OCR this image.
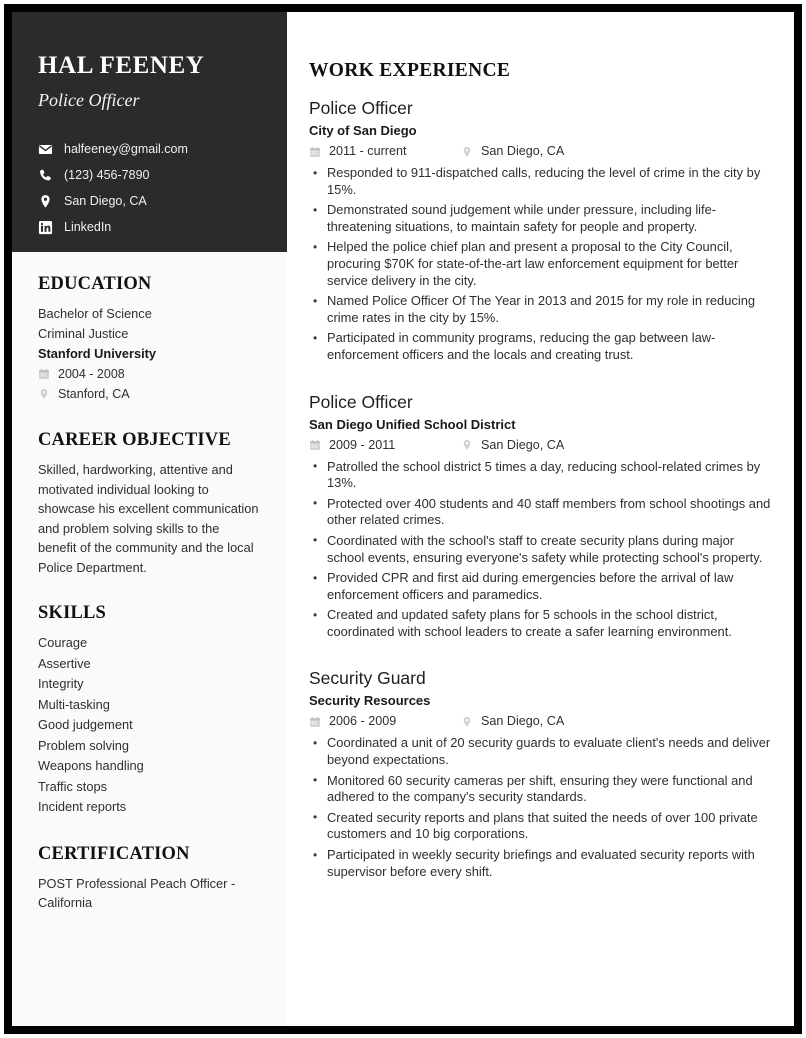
HAL FEENEY
Police Officer
halfeeney@gmail.com
(123) 456-7890
San Diego, CA
LinkedIn
EDUCATION
Bachelor of Science
Criminal Justice
Stanford University
2004 - 2008
Stanford, CA
CAREER OBJECTIVE
Skilled, hardworking, attentive and motivated individual looking to showcase his excellent communication and problem solving skills to the benefit of the community and the local Police Department.
SKILLS
Courage
Assertive
Integrity
Multi-tasking
Good judgement
Problem solving
Weapons handling
Traffic stops
Incident reports
CERTIFICATION
POST Professional Peach Officer - California
WORK EXPERIENCE
Police Officer
City of San Diego
2011 - current	San Diego, CA
• Responded to 911-dispatched calls, reducing the level of crime in the city by 15%.
• Demonstrated sound judgement while under pressure, including life-threatening situations, to maintain safety for people and property.
• Helped the police chief plan and present a proposal to the City Council, procuring $70K for state-of-the-art law enforcement equipment for better service delivery in the city.
• Named Police Officer Of The Year in 2013 and 2015 for my role in reducing crime rates in the city by 15%.
• Participated in community programs, reducing the gap between law-enforcement officers and the locals and creating trust.
Police Officer
San Diego Unified School District
2009 - 2011	San Diego, CA
• Patrolled the school district 5 times a day, reducing school-related crimes by 13%.
• Protected over 400 students and 40 staff members from school shootings and other related crimes.
• Coordinated with the school's staff to create security plans during major school events, ensuring everyone's safety while protecting school's property.
• Provided CPR and first aid during emergencies before the arrival of law enforcement officers and paramedics.
• Created and updated safety plans for 5 schools in the school district, coordinated with school leaders to create a safer learning environment.
Security Guard
Security Resources
2006 - 2009	San Diego, CA
• Coordinated a unit of 20 security guards to evaluate client's needs and deliver beyond expectations.
• Monitored 60 security cameras per shift, ensuring they were functional and adhered to the company's security standards.
• Created security reports and plans that suited the needs of over 100 private customers and 10 big corporations.
• Participated in weekly security briefings and evaluated security reports with supervisor before every shift.
